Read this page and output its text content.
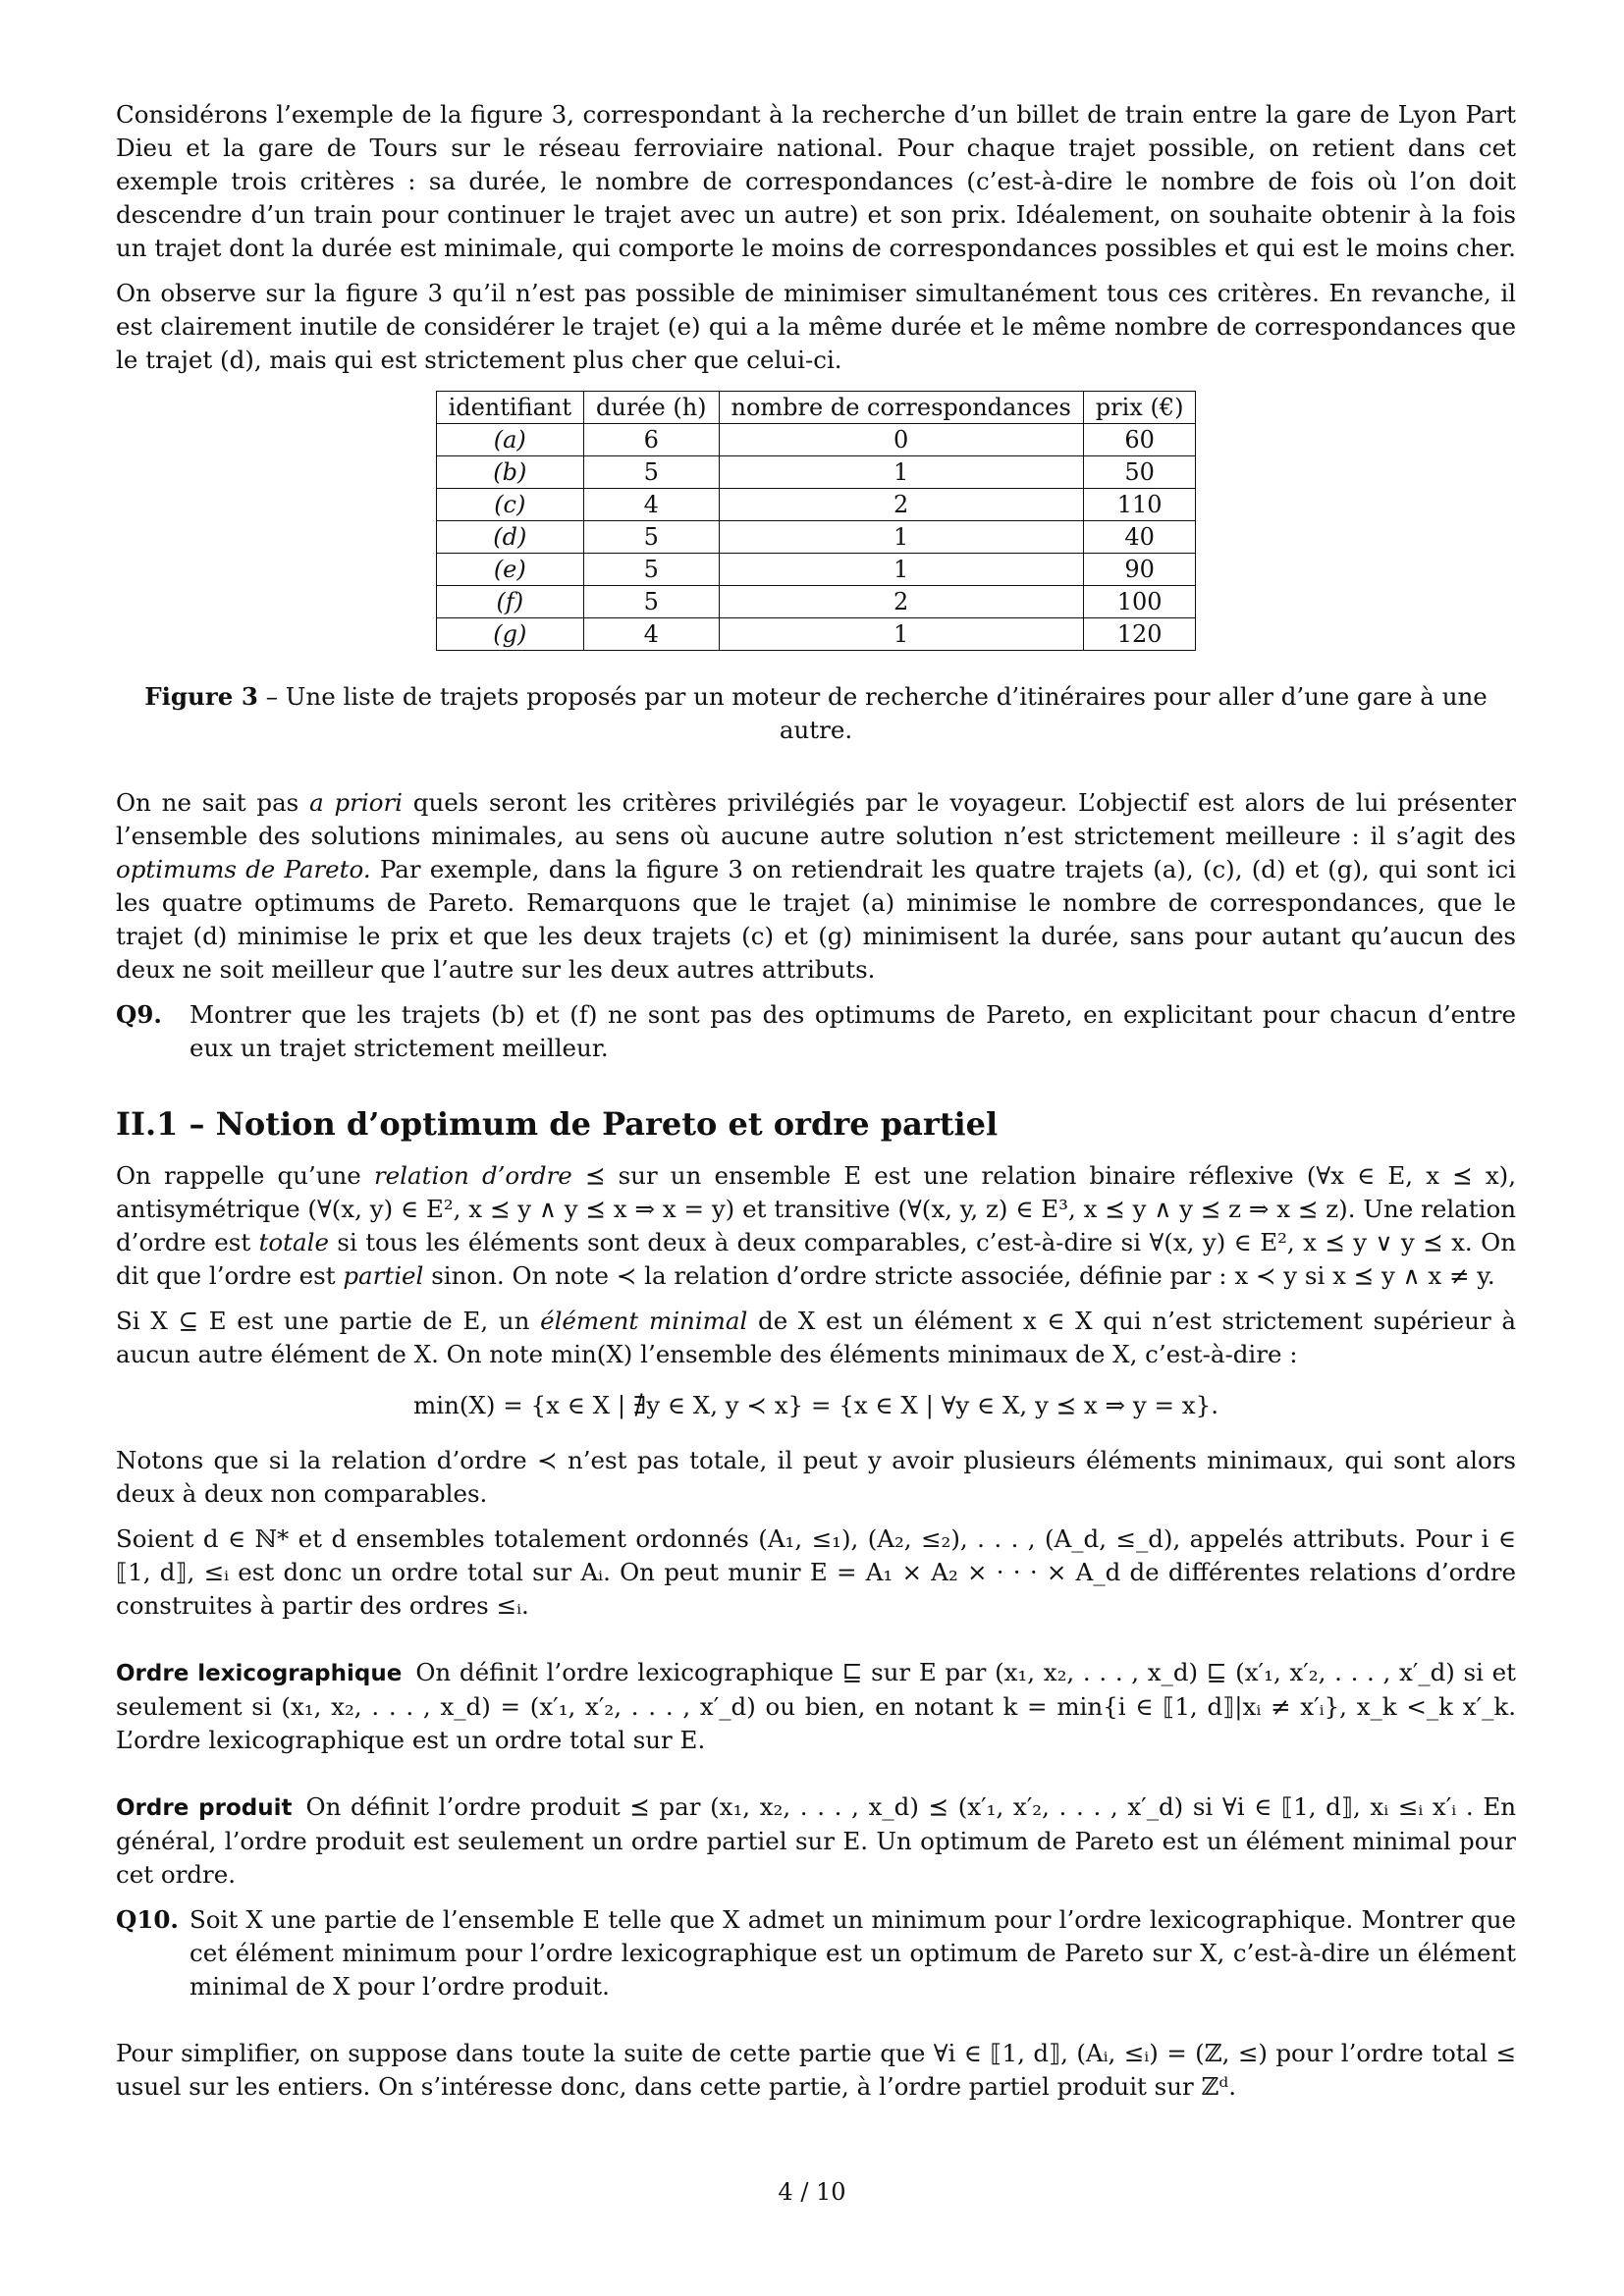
Considérons l’exemple de la figure 3, correspondant à la recherche d’un billet de train entre la gare de Lyon Part Dieu et la gare de Tours sur le réseau ferroviaire national. Pour chaque trajet possible, on retient dans cet exemple trois critères : sa durée, le nombre de correspondances (c’est-à-dire le nombre de fois où l’on doit descendre d’un train pour continuer le trajet avec un autre) et son prix. Idéalement, on souhaite obtenir à la fois un trajet dont la durée est minimale, qui comporte le moins de correspondances possibles et qui est le moins cher.

On observe sur la figure 3 qu’il n’est pas possible de minimiser simultanément tous ces critères. En revanche, il est clairement inutile de considérer le trajet (e) qui a la même durée et le même nombre de correspondances que le trajet (d), mais qui est strictement plus cher que celui-ci.

identifiant	durée (h)	nombre de correspondances	prix (€)
(a)	6	0	60
(b)	5	1	50
(c)	4	2	110
(d)	5	1	40
(e)	5	1	90
(f)	5	2	100
(g)	4	1	120
Figure 3 – Une liste de trajets proposés par un moteur de recherche d’itinéraires pour aller d’une gare à une autre.

On ne sait pas a priori quels seront les critères privilégiés par le voyageur. L’objectif est alors de lui présenter l’ensemble des solutions minimales, au sens où aucune autre solution n’est strictement meilleure : il s’agit des optimums de Pareto. Par exemple, dans la figure 3 on retiendrait les quatre trajets (a), (c), (d) et (g), qui sont ici les quatre optimums de Pareto. Remarquons que le trajet (a) minimise le nombre de correspondances, que le trajet (d) minimise le prix et que les deux trajets (c) et (g) minimisent la durée, sans pour autant qu’aucun des deux ne soit meilleur que l’autre sur les deux autres attributs.

Q9.	Montrer que les trajets (b) et (f) ne sont pas des optimums de Pareto, en explicitant pour chacun d’entre eux un trajet strictement meilleur.
II.1 – Notion d’optimum de Pareto et ordre partiel

On rappelle qu’une relation d’ordre ⪯ sur un ensemble E est une relation binaire réflexive (∀x ∈ E, x ⪯ x), antisymétrique (∀(x, y) ∈ E², x ⪯ y ∧ y ⪯ x ⇒ x = y) et transitive (∀(x, y, z) ∈ E³, x ⪯ y ∧ y ⪯ z ⇒ x ⪯ z). Une relation d’ordre est totale si tous les éléments sont deux à deux comparables, c’est-à-dire si ∀(x, y) ∈ E², x ⪯ y ∨ y ⪯ x. On dit que l’ordre est partiel sinon. On note ≺ la relation d’ordre stricte associée, définie par : x ≺ y si x ⪯ y ∧ x ≠ y.

Si X ⊆ E est une partie de E, un élément minimal de X est un élément x ∈ X qui n’est strictement supérieur à aucun autre élément de X. On note min(X) l’ensemble des éléments minimaux de X, c’est-à-dire :

min(X) = {x ∈ X | ∄y ∈ X, y ≺ x} = {x ∈ X | ∀y ∈ X, y ⪯ x ⇒ y = x}.

Notons que si la relation d’ordre ≺ n’est pas totale, il peut y avoir plusieurs éléments minimaux, qui sont alors deux à deux non comparables.

Soient d ∈ ℕ* et d ensembles totalement ordonnés (A₁, ≤₁), (A₂, ≤₂), . . . , (A_d, ≤_d), appelés attributs. Pour i ∈ ⟦1, d⟧, ≤ᵢ est donc un ordre total sur Aᵢ. On peut munir E = A₁ × A₂ × · · · × A_d de différentes relations d’ordre construites à partir des ordres ≤ᵢ.

Ordre lexicographique On définit l’ordre lexicographique ⊑ sur E par (x₁, x₂, . . . , x_d) ⊑ (x′₁, x′₂, . . . , x′_d) si et seulement si (x₁, x₂, . . . , x_d) = (x′₁, x′₂, . . . , x′_d) ou bien, en notant k = min{i ∈ ⟦1, d⟧|xᵢ ≠ x′ᵢ}, x_k <_k x′_k. L’ordre lexicographique est un ordre total sur E.

Ordre produit On définit l’ordre produit ⪯ par (x₁, x₂, . . . , x_d) ⪯ (x′₁, x′₂, . . . , x′_d) si ∀i ∈ ⟦1, d⟧, xᵢ ≤ᵢ x′ᵢ . En général, l’ordre produit est seulement un ordre partiel sur E. Un optimum de Pareto est un élément minimal pour cet ordre.

Q10. Soit X une partie de l’ensemble E telle que X admet un minimum pour l’ordre lexicographique. Montrer que cet élément minimum pour l’ordre lexicographique est un optimum de Pareto sur X, c’est-à-dire un élément minimal de X pour l’ordre produit.

Pour simplifier, on suppose dans toute la suite de cette partie que ∀i ∈ ⟦1, d⟧, (Aᵢ, ≤ᵢ) = (ℤ, ≤) pour l’ordre total ≤ usuel sur les entiers. On s’intéresse donc, dans cette partie, à l’ordre partiel produit sur ℤᵈ.

4 / 10
